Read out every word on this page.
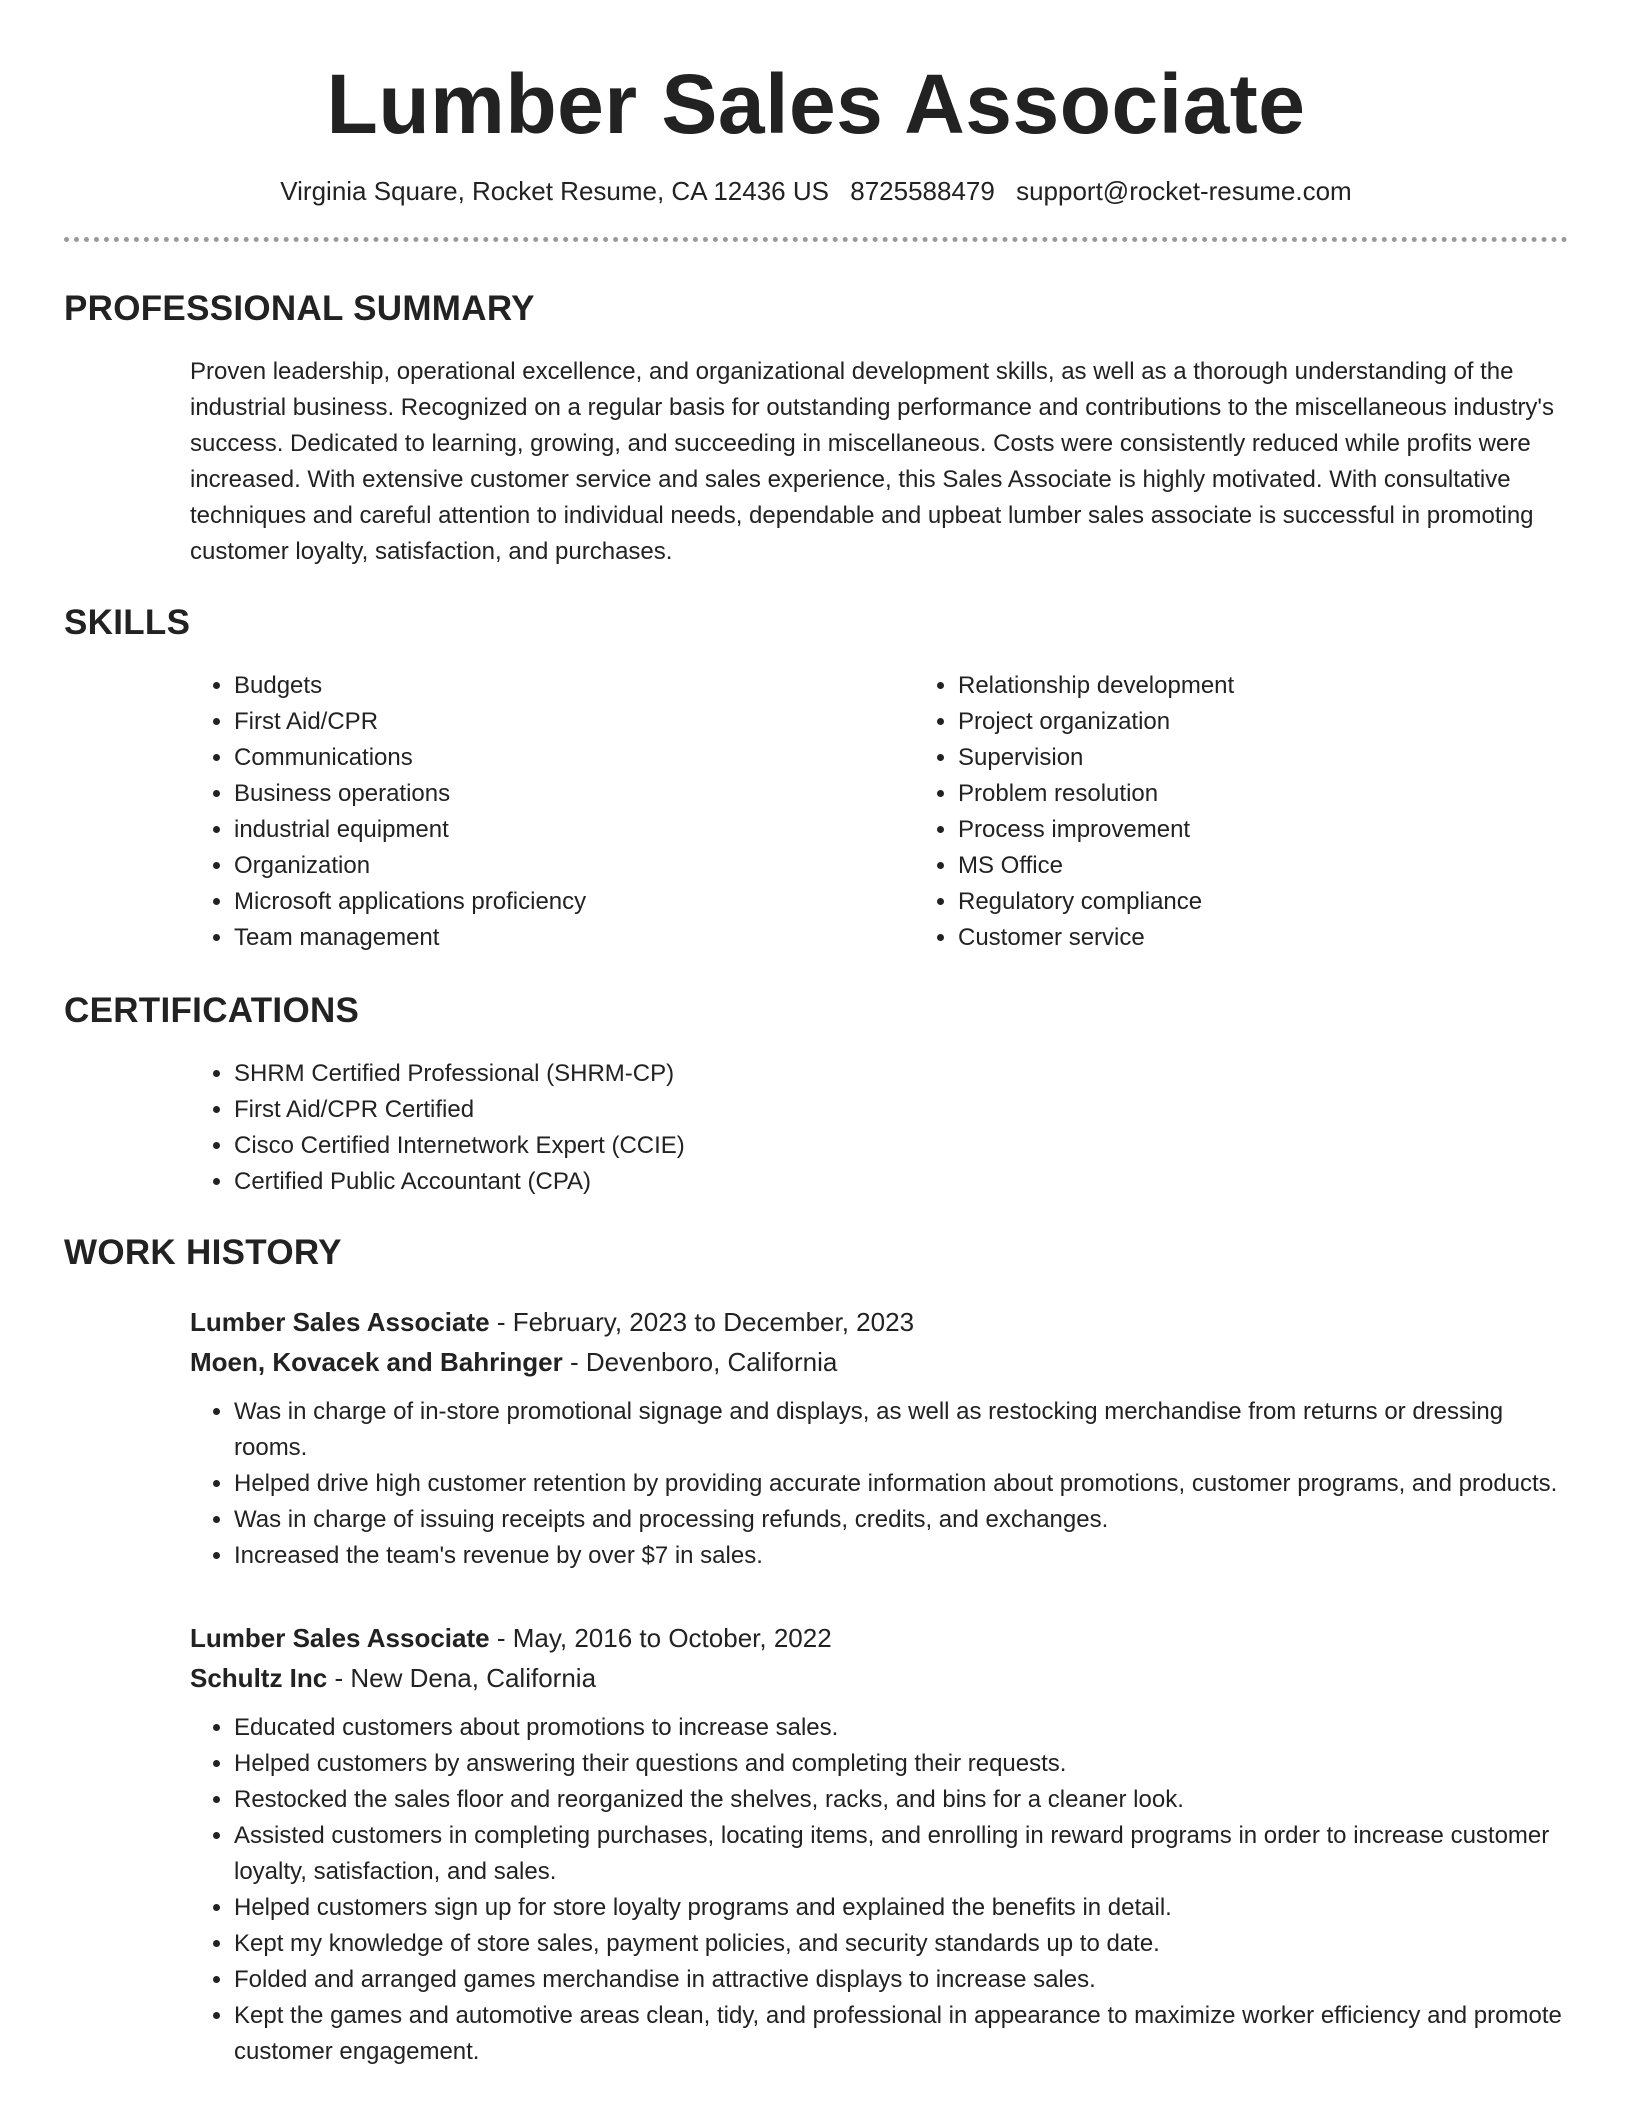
Lumber Sales Associate
Virginia Square, Rocket Resume, CA 12436 US 8725588479 support@rocket-resume.com
PROFESSIONAL SUMMARY

Proven leadership, operational excellence, and organizational development skills, as well as a thorough understanding of the industrial business. Recognized on a regular basis for outstanding performance and contributions to the miscellaneous industry's success. Dedicated to learning, growing, and succeeding in miscellaneous. Costs were consistently reduced while profits were increased. With extensive customer service and sales experience, this Sales Associate is highly motivated. With consultative techniques and careful attention to individual needs, dependable and upbeat lumber sales associate is successful in promoting customer loyalty, satisfaction, and purchases.

SKILLS
• Budgets
• First Aid/CPR
• Communications
• Business operations
• industrial equipment
• Organization
• Microsoft applications proficiency
• Team management
• Relationship development
• Project organization
• Supervision
• Problem resolution
• Process improvement
• MS Office
• Regulatory compliance
• Customer service
CERTIFICATIONS
• SHRM Certified Professional (SHRM-CP)
• First Aid/CPR Certified
• Cisco Certified Internetwork Expert (CCIE)
• Certified Public Accountant (CPA)
WORK HISTORY
Lumber Sales Associate - February, 2023 to December, 2023
Moen, Kovacek and Bahringer - Devenboro, California
• Was in charge of in-store promotional signage and displays, as well as restocking merchandise from returns or dressing rooms.
• Helped drive high customer retention by providing accurate information about promotions, customer programs, and products.
• Was in charge of issuing receipts and processing refunds, credits, and exchanges.
• Increased the team's revenue by over $7 in sales.
Lumber Sales Associate - May, 2016 to October, 2022
Schultz Inc - New Dena, California
• Educated customers about promotions to increase sales.
• Helped customers by answering their questions and completing their requests.
• Restocked the sales floor and reorganized the shelves, racks, and bins for a cleaner look.
• Assisted customers in completing purchases, locating items, and enrolling in reward programs in order to increase customer loyalty, satisfaction, and sales.
• Helped customers sign up for store loyalty programs and explained the benefits in detail.
• Kept my knowledge of store sales, payment policies, and security standards up to date.
• Folded and arranged games merchandise in attractive displays to increase sales.
• Kept the games and automotive areas clean, tidy, and professional in appearance to maximize worker efficiency and promote customer engagement.
